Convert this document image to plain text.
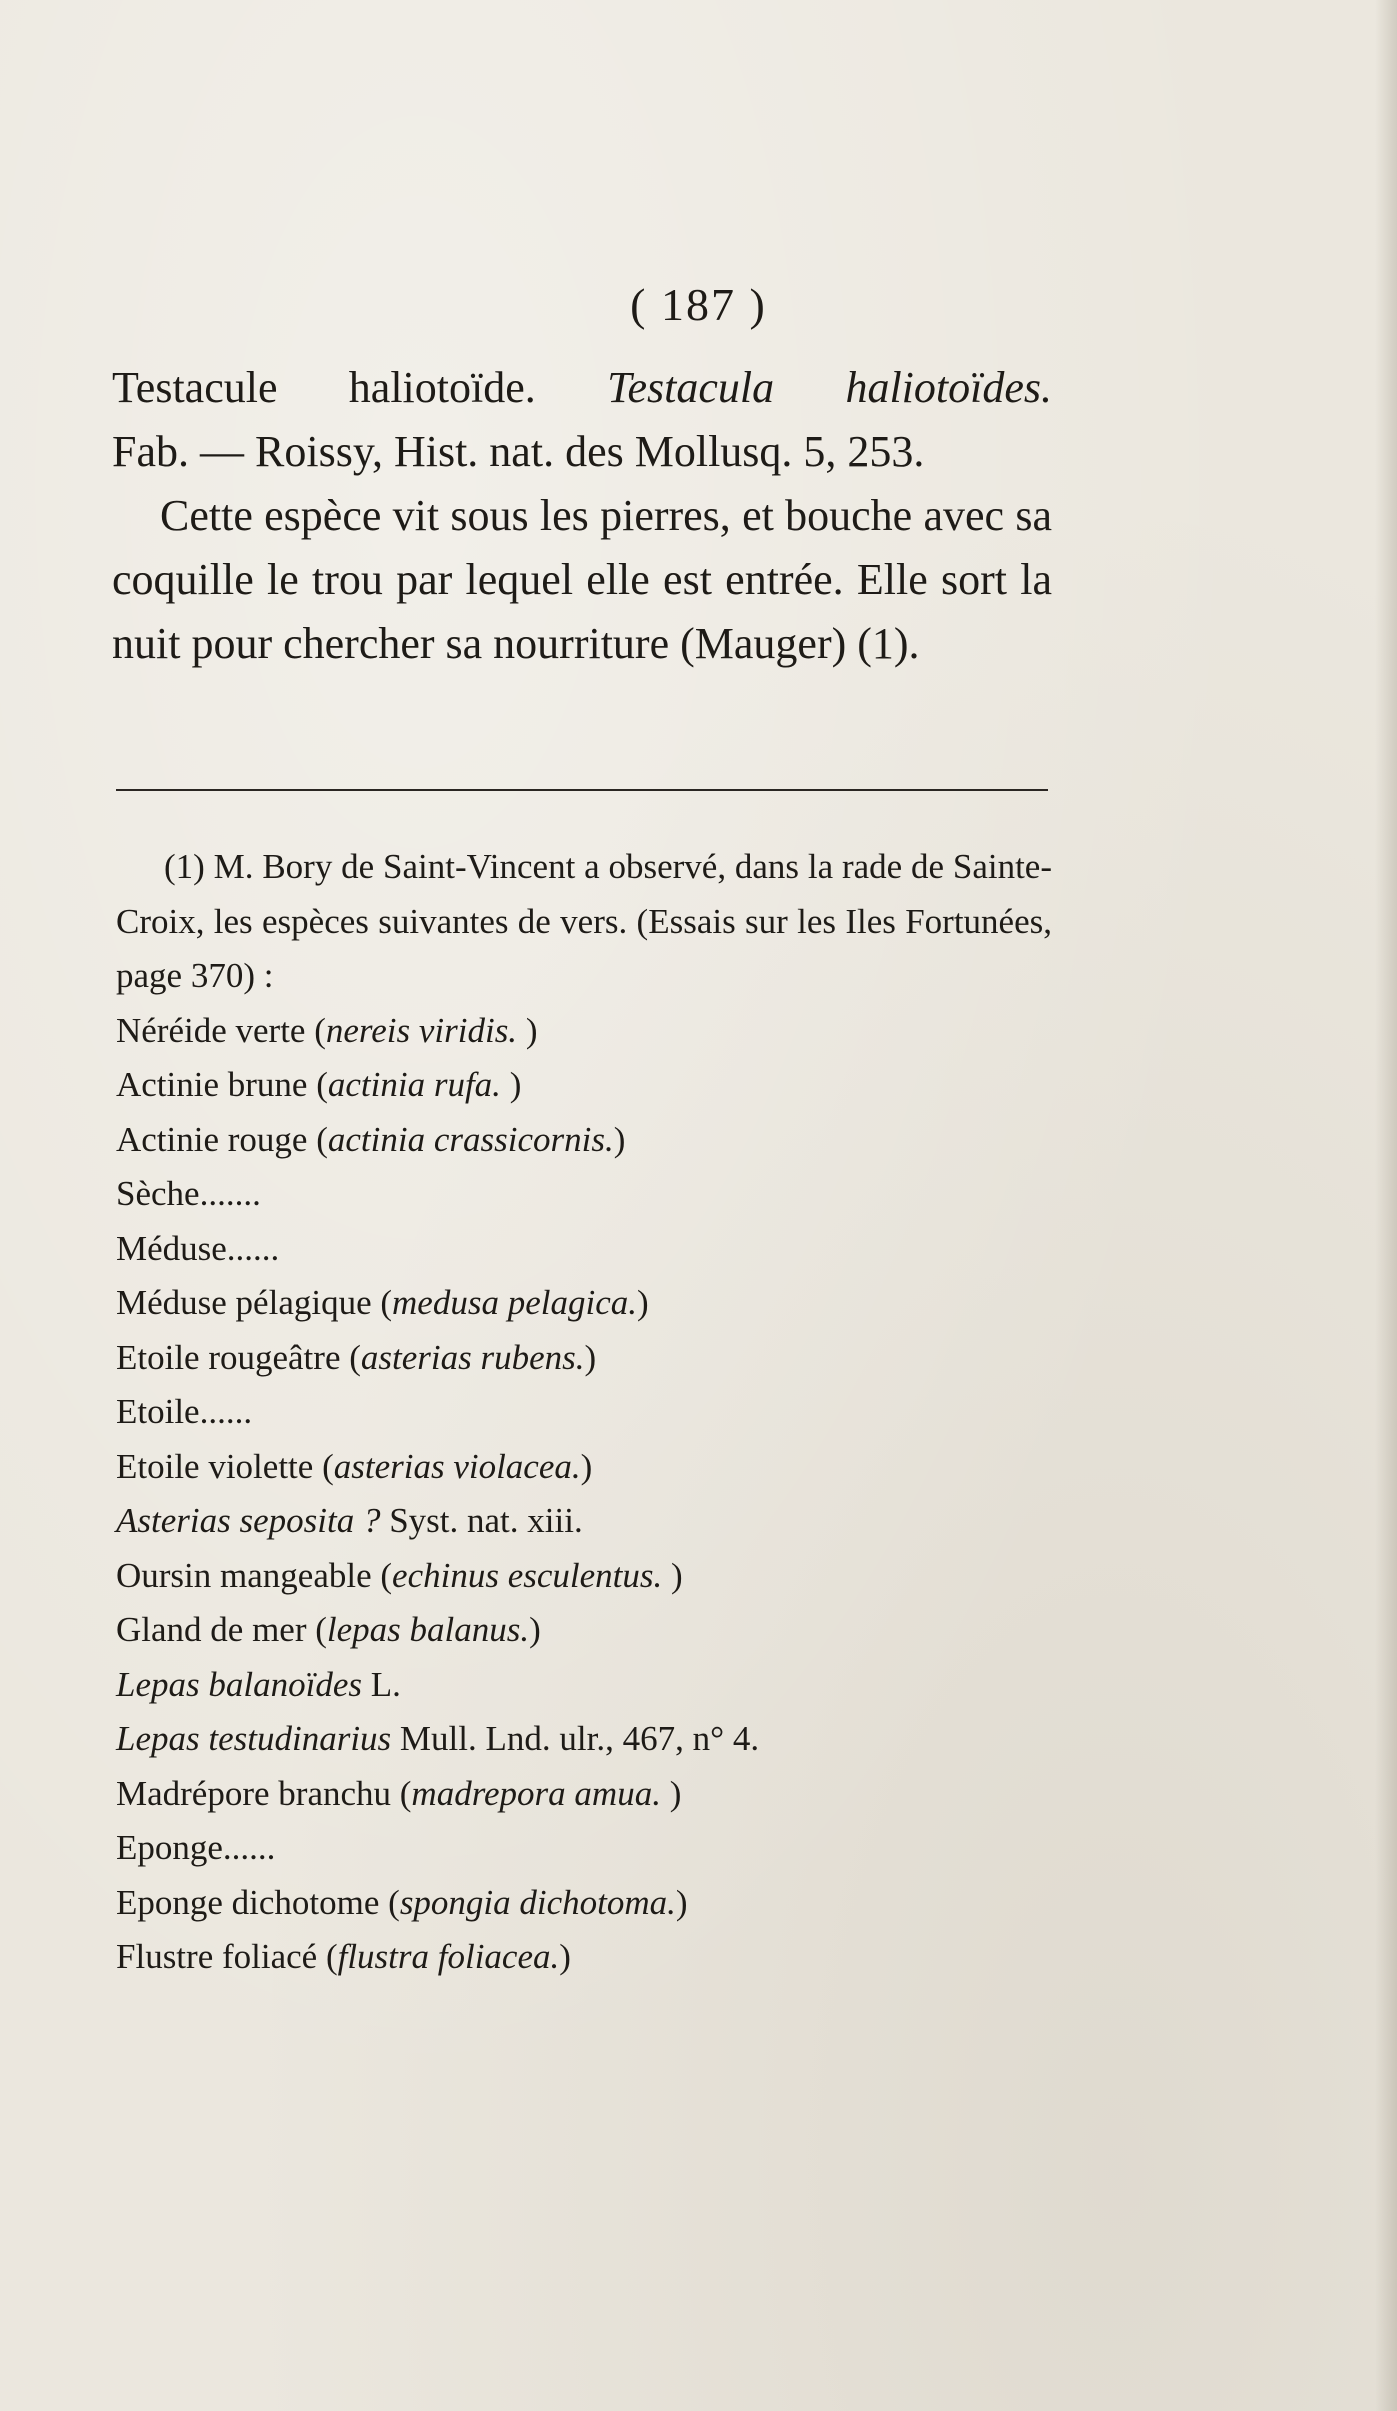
( 187 )

Testacule haliotoïde. Testacula haliotoïdes.

Fab. — Roissy, Hist. nat. des Mollusq. 5, 253.

Cette espèce vit sous les pierres, et bouche avec sa coquille le trou par lequel elle est entrée. Elle sort la nuit pour chercher sa nourriture (Mauger) (1).

(1) M. Bory de Saint-Vincent a observé, dans la rade de Sainte-Croix, les espèces suivantes de vers. (Essais sur les Iles Fortunées, page 370) :

Néréide verte (nereis viridis. )
Actinie brune (actinia rufa. )
Actinie rouge (actinia crassicornis.)
Sèche.......
Méduse......
Méduse pélagique (medusa pelagica.)
Etoile rougeâtre (asterias rubens.)
Etoile......
Etoile violette (asterias violacea.)
Asterias seposita ? Syst. nat. xiii.
Oursin mangeable (echinus esculentus. )
Gland de mer (lepas balanus.)
Lepas balanoïdes L.
Lepas testudinarius Mull. Lnd. ulr., 467, n° 4.
Madrépore branchu (madrepora amua. )
Eponge......
Eponge dichotome (spongia dichotoma.)
Flustre foliacé (flustra foliacea.)
